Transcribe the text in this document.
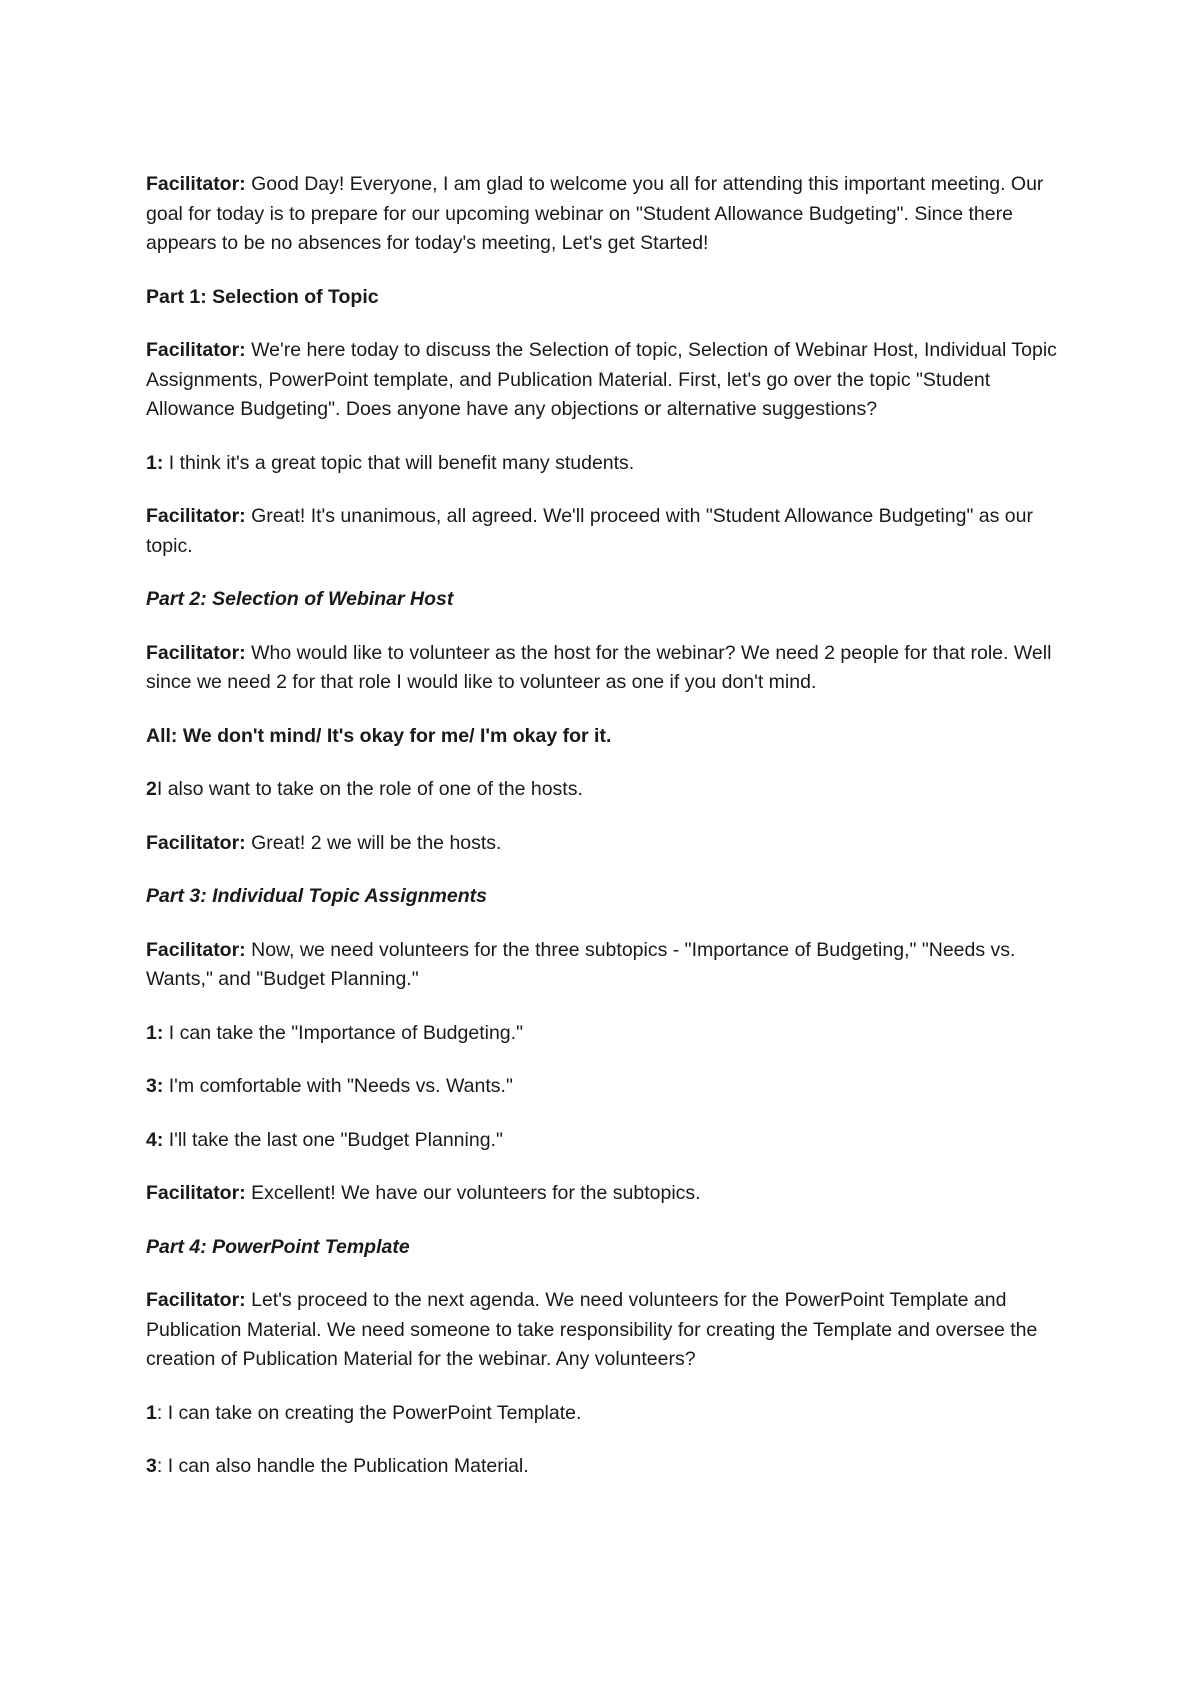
Facilitator: Good Day! Everyone, I am glad to welcome you all for attending this important meeting. Our goal for today is to prepare for our upcoming webinar on "Student Allowance Budgeting". Since there appears to be no absences for today's meeting, Let's get Started!

Part 1: Selection of Topic

Facilitator: We're here today to discuss the Selection of topic, Selection of Webinar Host, Individual Topic Assignments, PowerPoint template, and Publication Material. First, let's go over the topic "Student Allowance Budgeting". Does anyone have any objections or alternative suggestions?

1: I think it's a great topic that will benefit many students.

Facilitator: Great! It's unanimous, all agreed. We'll proceed with "Student Allowance Budgeting" as our topic.

Part 2: Selection of Webinar Host

Facilitator: Who would like to volunteer as the host for the webinar? We need 2 people for that role. Well since we need 2 for that role I would like to volunteer as one if you don't mind.

All: We don't mind/ It's okay for me/ I'm okay for it.

2I also want to take on the role of one of the hosts.

Facilitator: Great! 2 we will be the hosts.

Part 3: Individual Topic Assignments

Facilitator: Now, we need volunteers for the three subtopics - "Importance of Budgeting," "Needs vs. Wants," and "Budget Planning."

1: I can take the "Importance of Budgeting."

3: I'm comfortable with "Needs vs. Wants."

4: I'll take the last one "Budget Planning."

Facilitator: Excellent! We have our volunteers for the subtopics.

Part 4: PowerPoint Template

Facilitator: Let's proceed to the next agenda. We need volunteers for the PowerPoint Template and Publication Material. We need someone to take responsibility for creating the Template and oversee the creation of Publication Material for the webinar. Any volunteers?

1: I can take on creating the PowerPoint Template.

3: I can also handle the Publication Material.
